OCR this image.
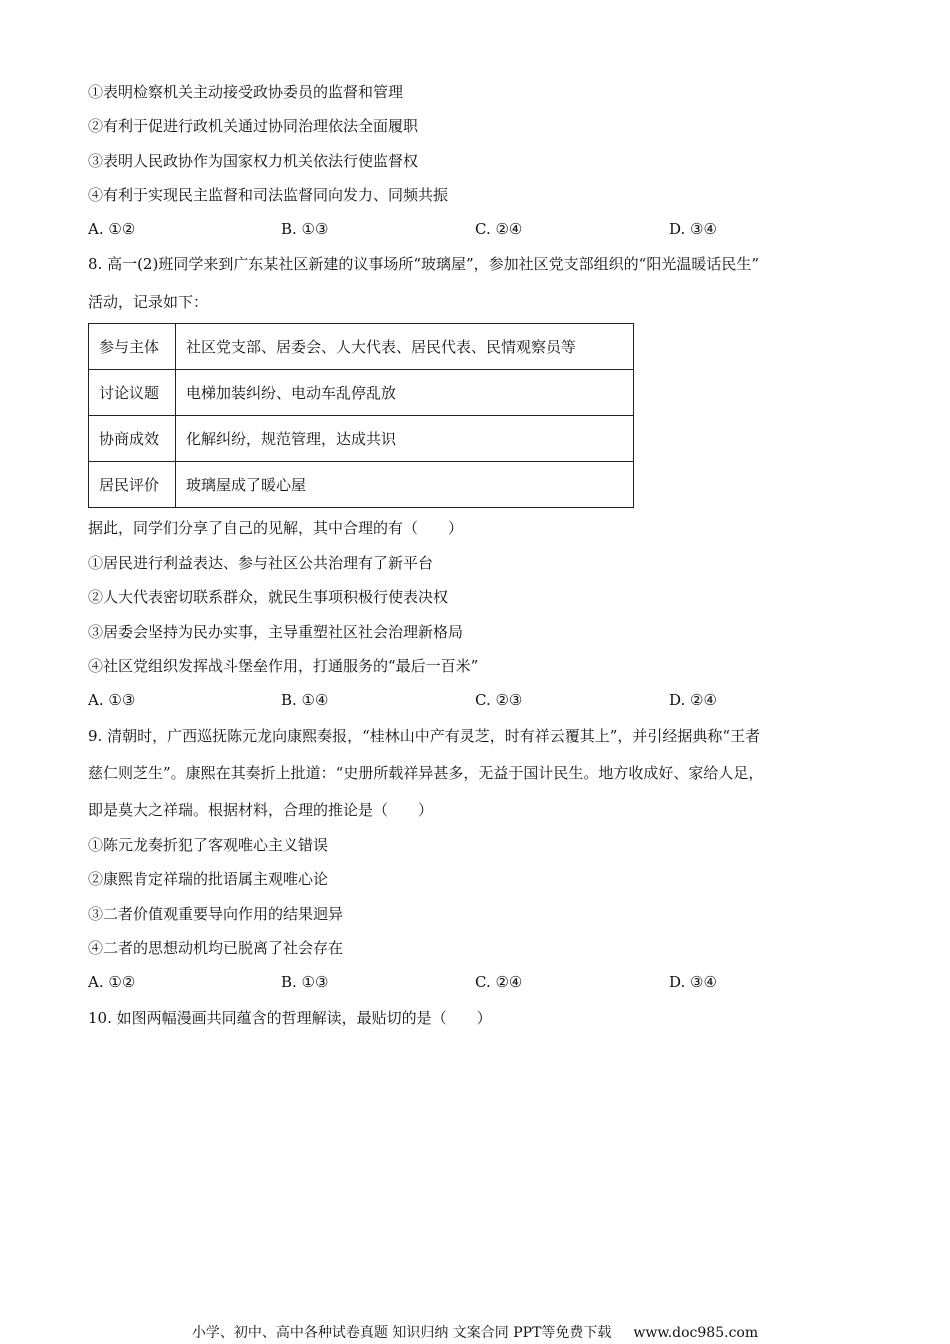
①表明检察机关主动接受政协委员的监督和管理
②有利于促进行政机关通过协同治理依法全面履职
③表明人民政协作为国家权力机关依法行使监督权
④有利于实现民主监督和司法监督同向发力、同频共振
A. ①②	B. ①③	C. ②④	D. ③④
8. 高一(2)班同学来到广东某社区新建的议事场所“玻璃屋”，参加社区党支部组织的“阳光温暖话民生”
活动，记录如下：
参与主体	社区党支部、居委会、人大代表、居民代表、民情观察员等
讨论议题	电梯加装纠纷、电动车乱停乱放
协商成效	化解纠纷，规范管理，达成共识
居民评价	玻璃屋成了暖心屋
据此，同学们分享了自己的见解，其中合理的有（　　）
①居民进行利益表达、参与社区公共治理有了新平台
②人大代表密切联系群众，就民生事项积极行使表决权
③居委会坚持为民办实事，主导重塑社区社会治理新格局
④社区党组织发挥战斗堡垒作用，打通服务的“最后一百米”
A. ①③	B. ①④	C. ②③	D. ②④
9. 清朝时，广西巡抚陈元龙向康熙奏报，“桂林山中产有灵芝，时有祥云覆其上”，并引经据典称“王者
慈仁则芝生”。康熙在其奏折上批道：“史册所载祥异甚多，无益于国计民生。地方收成好、家给人足，
即是莫大之祥瑞。根据材料，合理的推论是（　　）
①陈元龙奏折犯了客观唯心主义错误
②康熙肯定祥瑞的批语属主观唯心论
③二者价值观重要导向作用的结果迥异
④二者的思想动机均已脱离了社会存在
A. ①②	B. ①③	C. ②④	D. ③④
10. 如图两幅漫画共同蕴含的哲理解读，最贴切的是（　　）
小学、初中、高中各种试卷真题 知识归纳 文案合同 PPT等免费下载 www.doc985.com
